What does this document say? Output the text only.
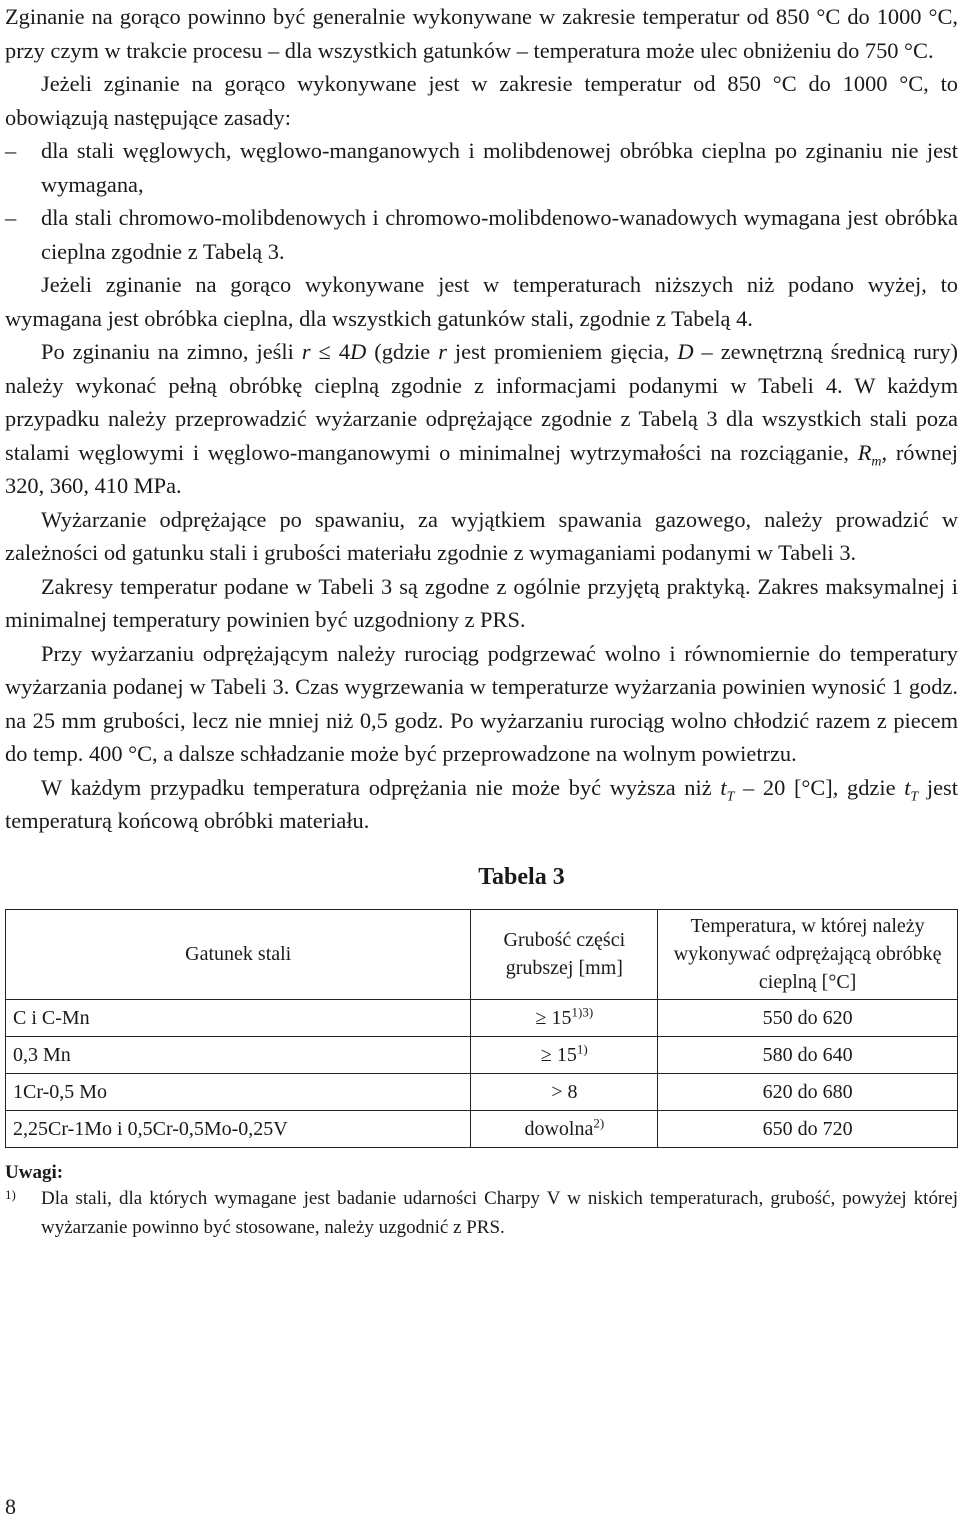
Zginanie na gorąco powinno być generalnie wykonywane w zakresie temperatur od 850 °C do 1000 °C, przy czym w trakcie procesu – dla wszystkich gatunków – temperatura może ulec obniżeniu do 750 °C.

Jeżeli zginanie na gorąco wykonywane jest w zakresie temperatur od 850 °C do 1000 °C, to obowiązują następujące zasady:

– dla stali węglowych, węglowo-manganowych i molibdenowej obróbka cieplna po zginaniu nie jest wymagana,

– dla stali chromowo-molibdenowych i chromowo-molibdenowo-wanadowych wymagana jest obróbka cieplna zgodnie z Tabelą 3.

Jeżeli zginanie na gorąco wykonywane jest w temperaturach niższych niż podano wyżej, to wymagana jest obróbka cieplna, dla wszystkich gatunków stali, zgodnie z Tabelą 4.

Po zginaniu na zimno, jeśli r ≤ 4D (gdzie r jest promieniem gięcia, D – zewnętrzną średnicą rury) należy wykonać pełną obróbkę cieplną zgodnie z informacjami podanymi w Tabeli 4. W każdym przypadku należy przeprowadzić wyżarzanie odprężające zgodnie z Tabelą 3 dla wszystkich stali poza stalami węglowymi i węglowo-manganowymi o minimalnej wytrzymałości na rozciąganie, $R_m$, równej 320, 360, 410 MPa.

Wyżarzanie odprężające po spawaniu, za wyjątkiem spawania gazowego, należy prowadzić w zależności od gatunku stali i grubości materiału zgodnie z wymaganiami podanymi w Tabeli 3.

Zakresy temperatur podane w Tabeli 3 są zgodne z ogólnie przyjętą praktyką. Zakres maksymalnej i minimalnej temperatury powinien być uzgodniony z PRS.

Przy wyżarzaniu odprężającym należy rurociąg podgrzewać wolno i równomiernie do temperatury wyżarzania podanej w Tabeli 3. Czas wygrzewania w temperaturze wyżarzania powinien wynosić 1 godz. na 25 mm grubości, lecz nie mniej niż 0,5 godz. Po wyżarzaniu rurociąg wolno chłodzić razem z piecem do temp. 400 °C, a dalsze schładzanie może być przeprowadzone na wolnym powietrzu.

W każdym przypadku temperatura odprężania nie może być wyższa niż $t_T - 20$ [°C], gdzie $t_T$ jest temperaturą końcową obróbki materiału.

Tabela 3
Gatunek stali	Grubość części grubszej [mm]	Temperatura, w której należy wykonywać odprężającą obróbkę cieplną [°C]
C i C-Mn	≥ $15^{1)3)}$	550 do 620
0,3 Mn	≥ $15^{1)}$	580 do 640
1Cr-0,5 Mo	> 8	620 do 680
2,25Cr-1Mo i 0,5Cr-0,5Mo-0,25V	dowolna$^{2)}$	650 do 720
Uwagi:
1) Dla stali, dla których wymagane jest badanie udarności Charpy V w niskich temperaturach, grubość, powyżej której wyżarzanie powinno być stosowane, należy uzgodnić z PRS.
8
